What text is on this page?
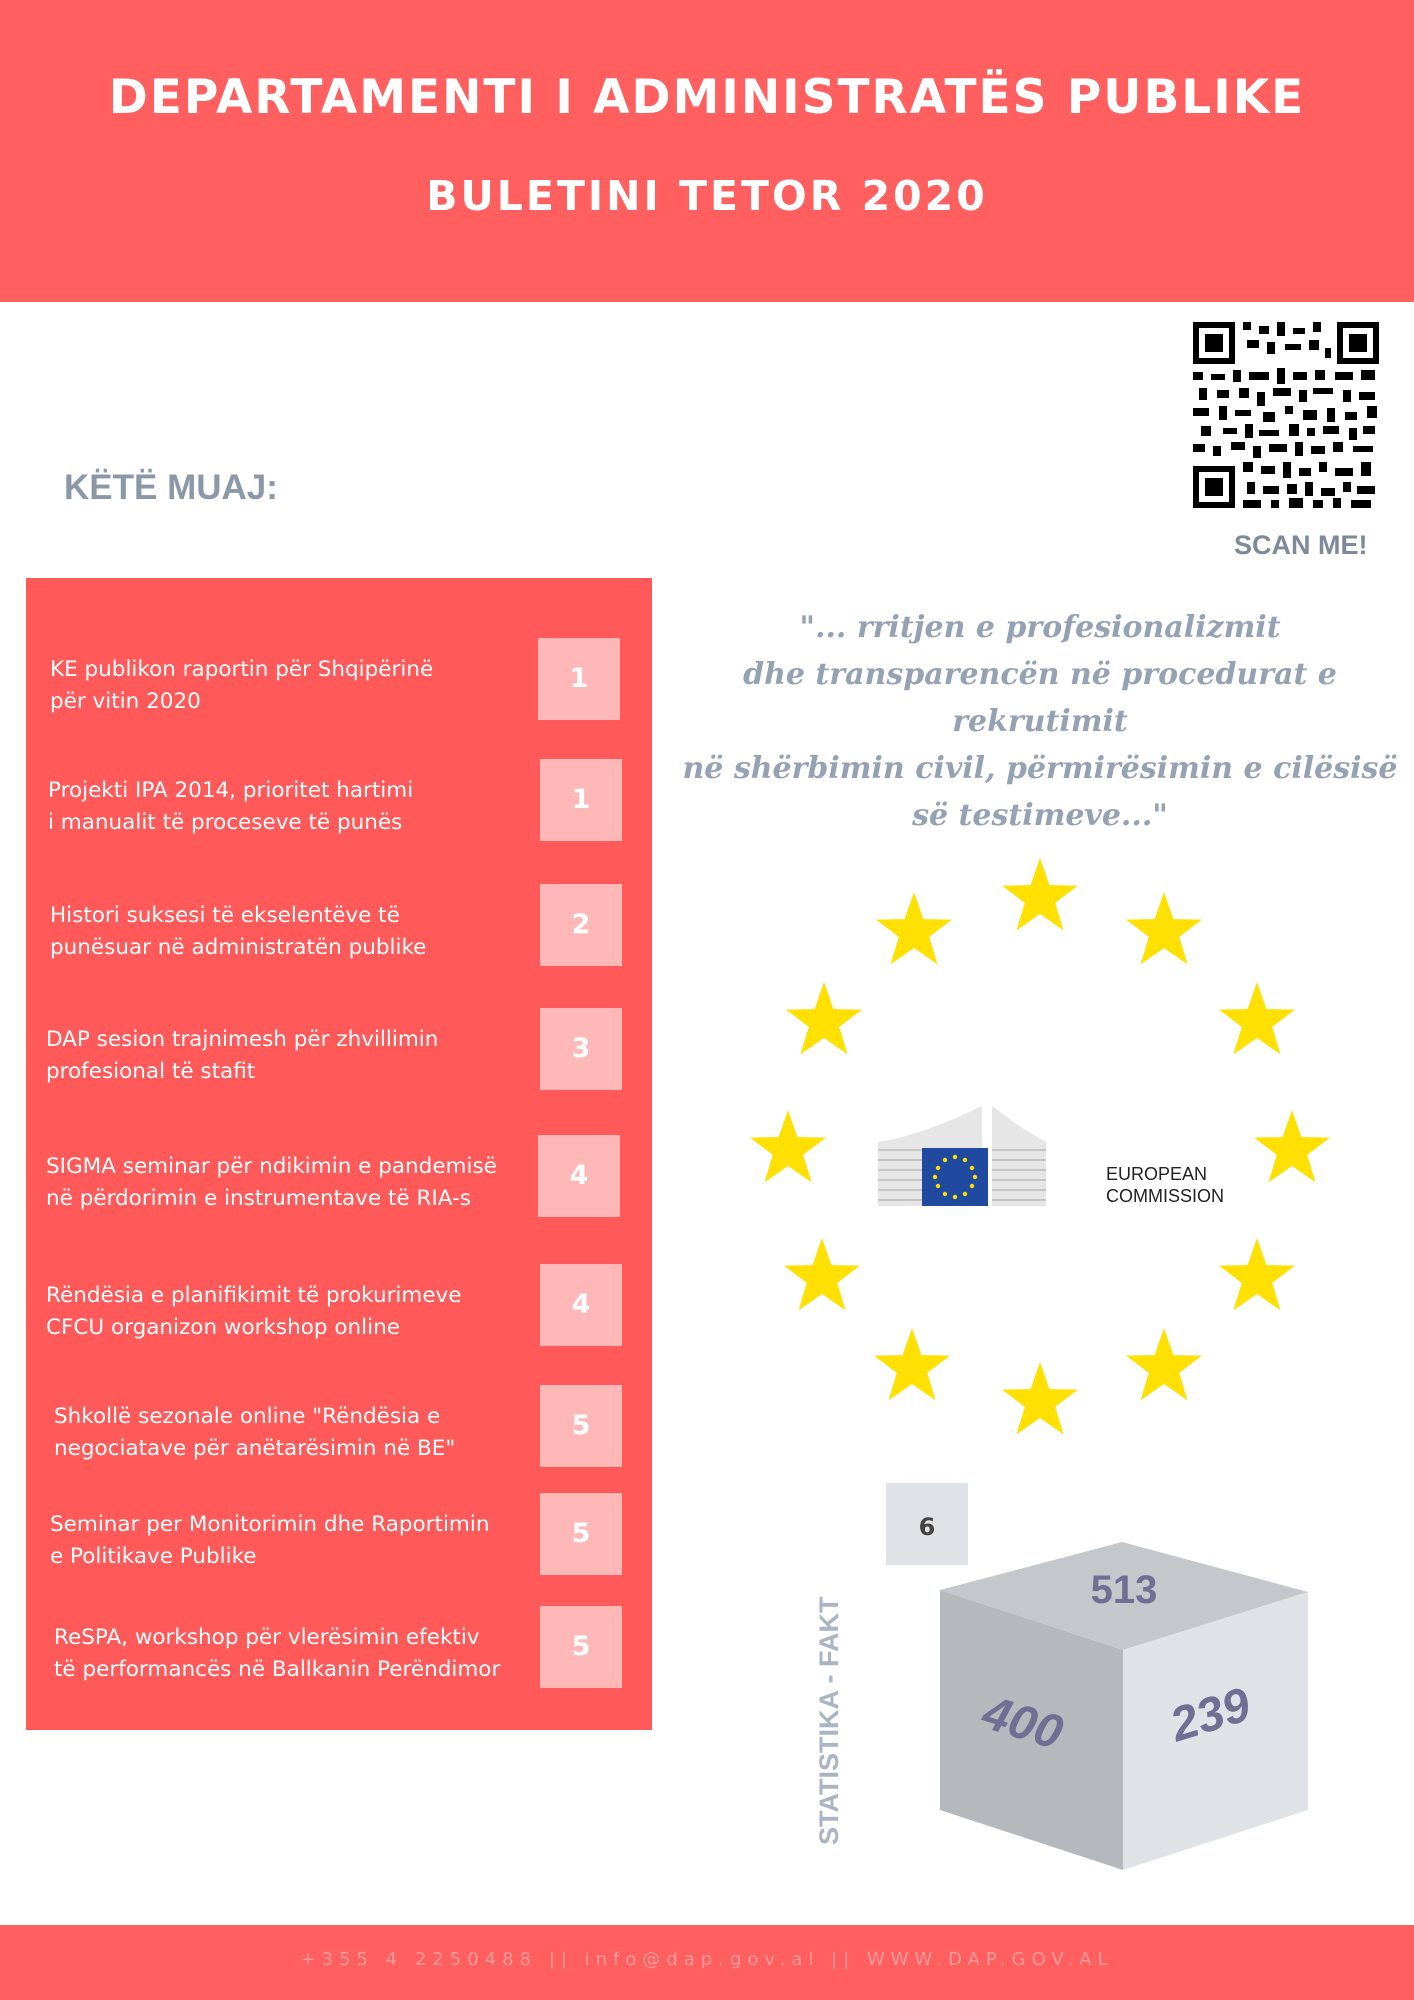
DEPARTAMENTI I ADMINISTRATËS PUBLIKE
BULETINI TETOR 2020
KËTË MUAJ:
SCAN ME!
KE publikon raportin për Shqipërinë
për vitin 2020
1
Projekti IPA 2014, prioritet hartimi
i manualit të proceseve të punës
1
Histori suksesi të ekselentëve të
punësuar në administratën publike
2
DAP sesion trajnimesh për zhvillimin
profesional të stafit
3
SIGMA seminar për ndikimin e pandemisë
në përdorimin e instrumentave të RIA-s
4
Rëndësia e planifikimit të prokurimeve
CFCU organizon workshop online
4
Shkollë sezonale online "Rëndësia e
negociatave për anëtarësimin në BE"
5
Seminar per Monitorimin dhe Raportimin
e Politikave Publike
5
ReSPA, workshop për vlerësimin efektiv
të performancës në Ballkanin Perëndimor
5
"... rritjen e profesionalizmit
dhe transparencën në procedurat e rekrutimit
në shërbimin civil, përmirësimin e cilësisë
së testimeve..."
EUROPEAN
COMMISSION
6
STATISTIKA - FAKT
513
400 239
+355 4 2250488 || info@dap.gov.al || WWW.DAP.GOV.AL
